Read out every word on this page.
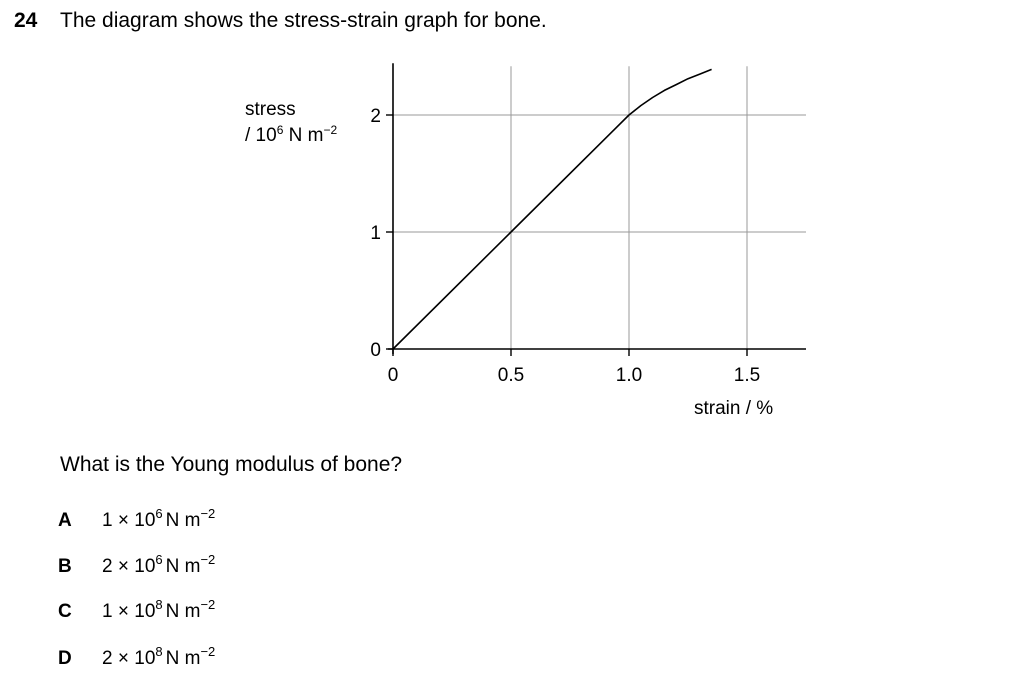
24 The diagram shows the stress-strain graph for bone.
stress
/ $10^6$ N $m^{-2}$
0	0.5	1.0	1.5
0
1
2
strain / %
What is the Young modulus of bone?
A $1 \times 10^6$ N $m^{-2}$
B $2 \times 10^6$ N $m^{-2}$
C $1 \times 10^8$ N $m^{-2}$
D $2 \times 10^8$ N $m^{-2}$
